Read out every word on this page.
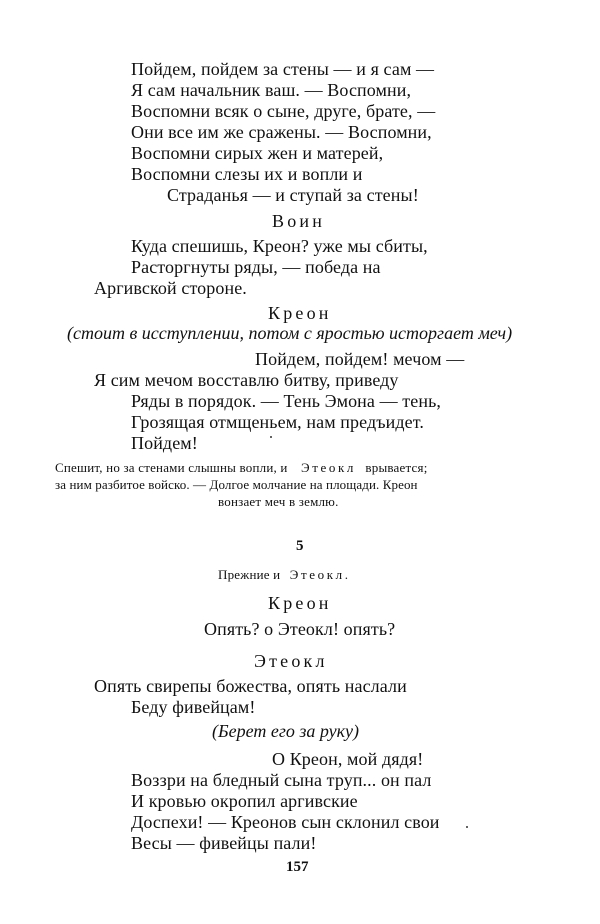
Пойдем, пойдем за стены — и я сам —
Я сам начальник ваш. — Воспомни,
Воспомни всяк о сыне, друге, брате, —
Они все им же сражены. — Воспомни,
Воспомни сирых жен и матерей,
Воспомни слезы их и вопли и
Страданья — и ступай за стены!
Воин
Куда спешишь, Креон? уже мы сбиты,
Расторгнуты ряды, — победа на
Аргивской стороне.
Креон
(стоит в исступлении, потом с яростью исторгает меч)
Пойдем, пойдем! мечом —
Я сим мечом восставлю битву, приведу
Ряды в порядок. — Тень Эмона — тень,
Грозящая отмщеньем, нам предъидет.
Пойдем!
Спешит, но за стенами слышны вопли, и Этеокл врывается;
за ним разбитое войско. — Долгое молчание на площади. Креон
вонзает меч в землю.
5
Прежние и Этеокл.
Креон
Опять? о Этеокл! опять?
Этеокл
Опять свирепы божества, опять наслали
Беду фивейцам!
(Берет его за руку)
О Креон, мой дядя!
Воззри на бледный сына труп... он пал
И кровью окропил аргивские
Доспехи! — Креонов сын склонил свои
Весы — фивейцы пали!
157
